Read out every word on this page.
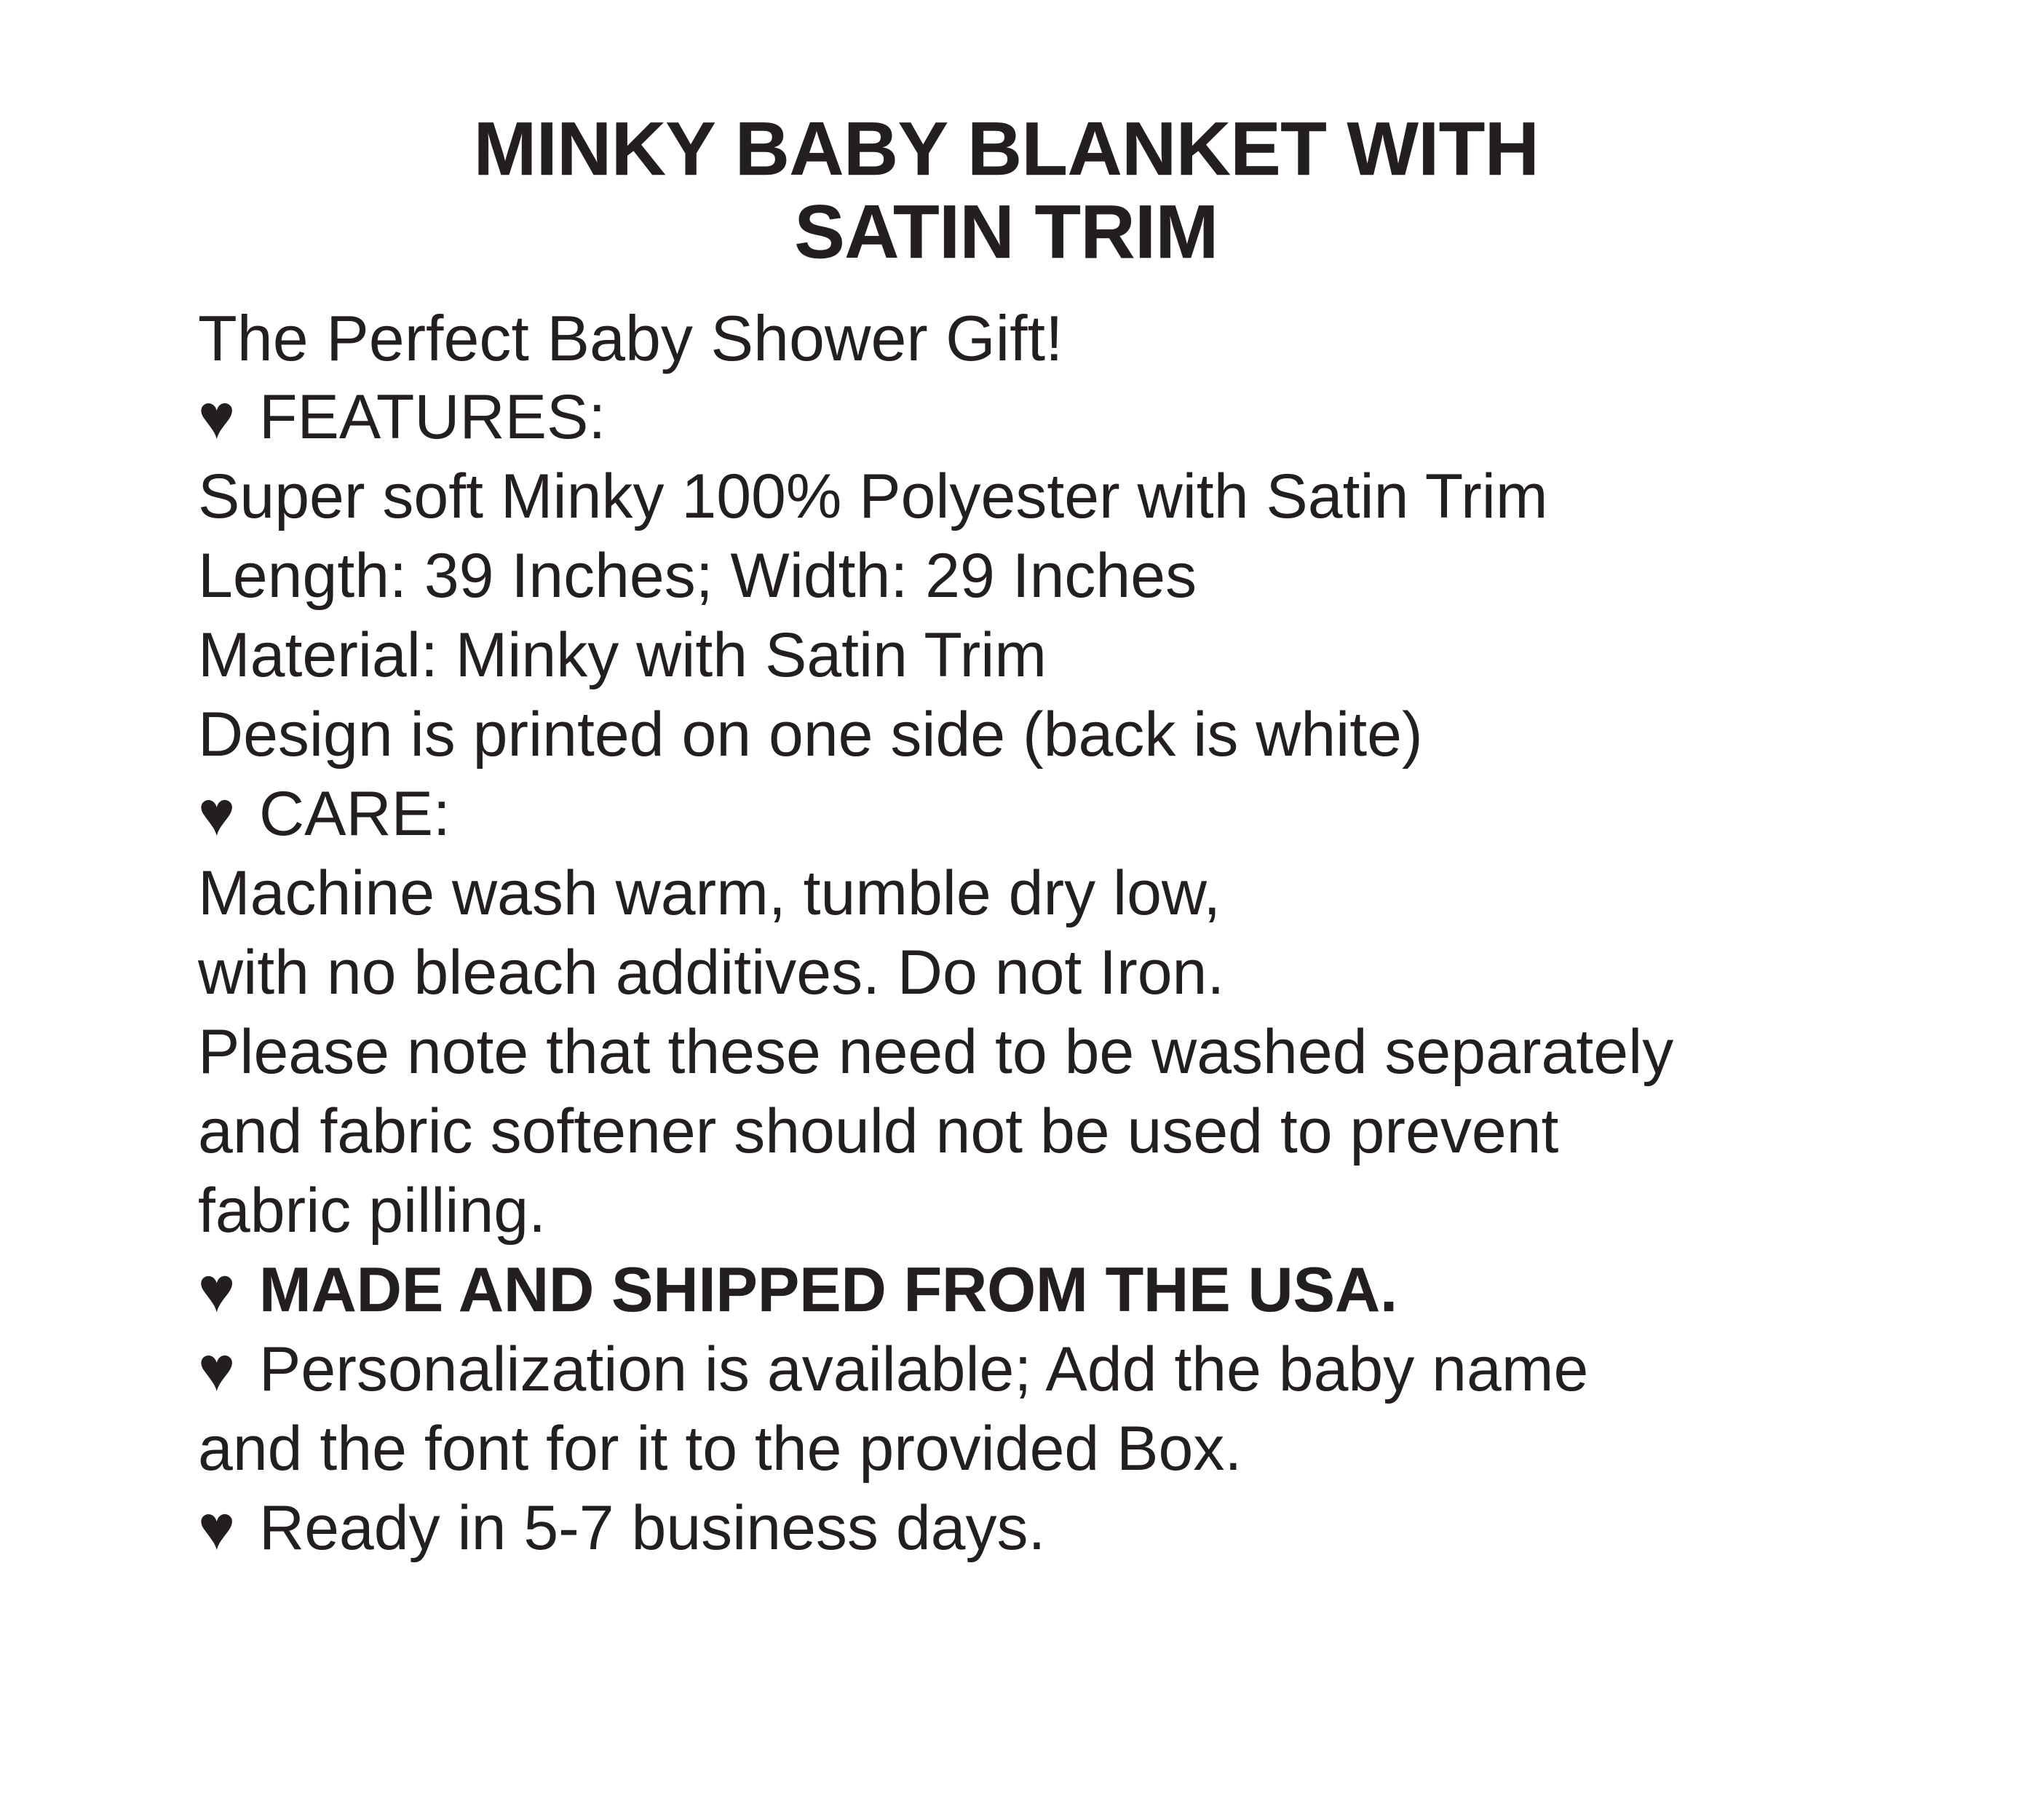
MINKY BABY BLANKET WITH
SATIN TRIM
The Perfect Baby Shower Gift!
♥ FEATURES:
Super soft Minky 100% Polyester with Satin Trim
Length: 39 Inches; Width: 29 Inches
Material: Minky with Satin Trim
Design is printed on one side (back is white)
♥ CARE:
Machine wash warm, tumble dry low,
with no bleach additives. Do not Iron.
Please note that these need to be washed separately
and fabric softener should not be used to prevent
fabric pilling.
♥ MADE AND SHIPPED FROM THE USA.
♥ Personalization is available; Add the baby name
and the font for it to the provided Box.
♥ Ready in 5-7 business days.
